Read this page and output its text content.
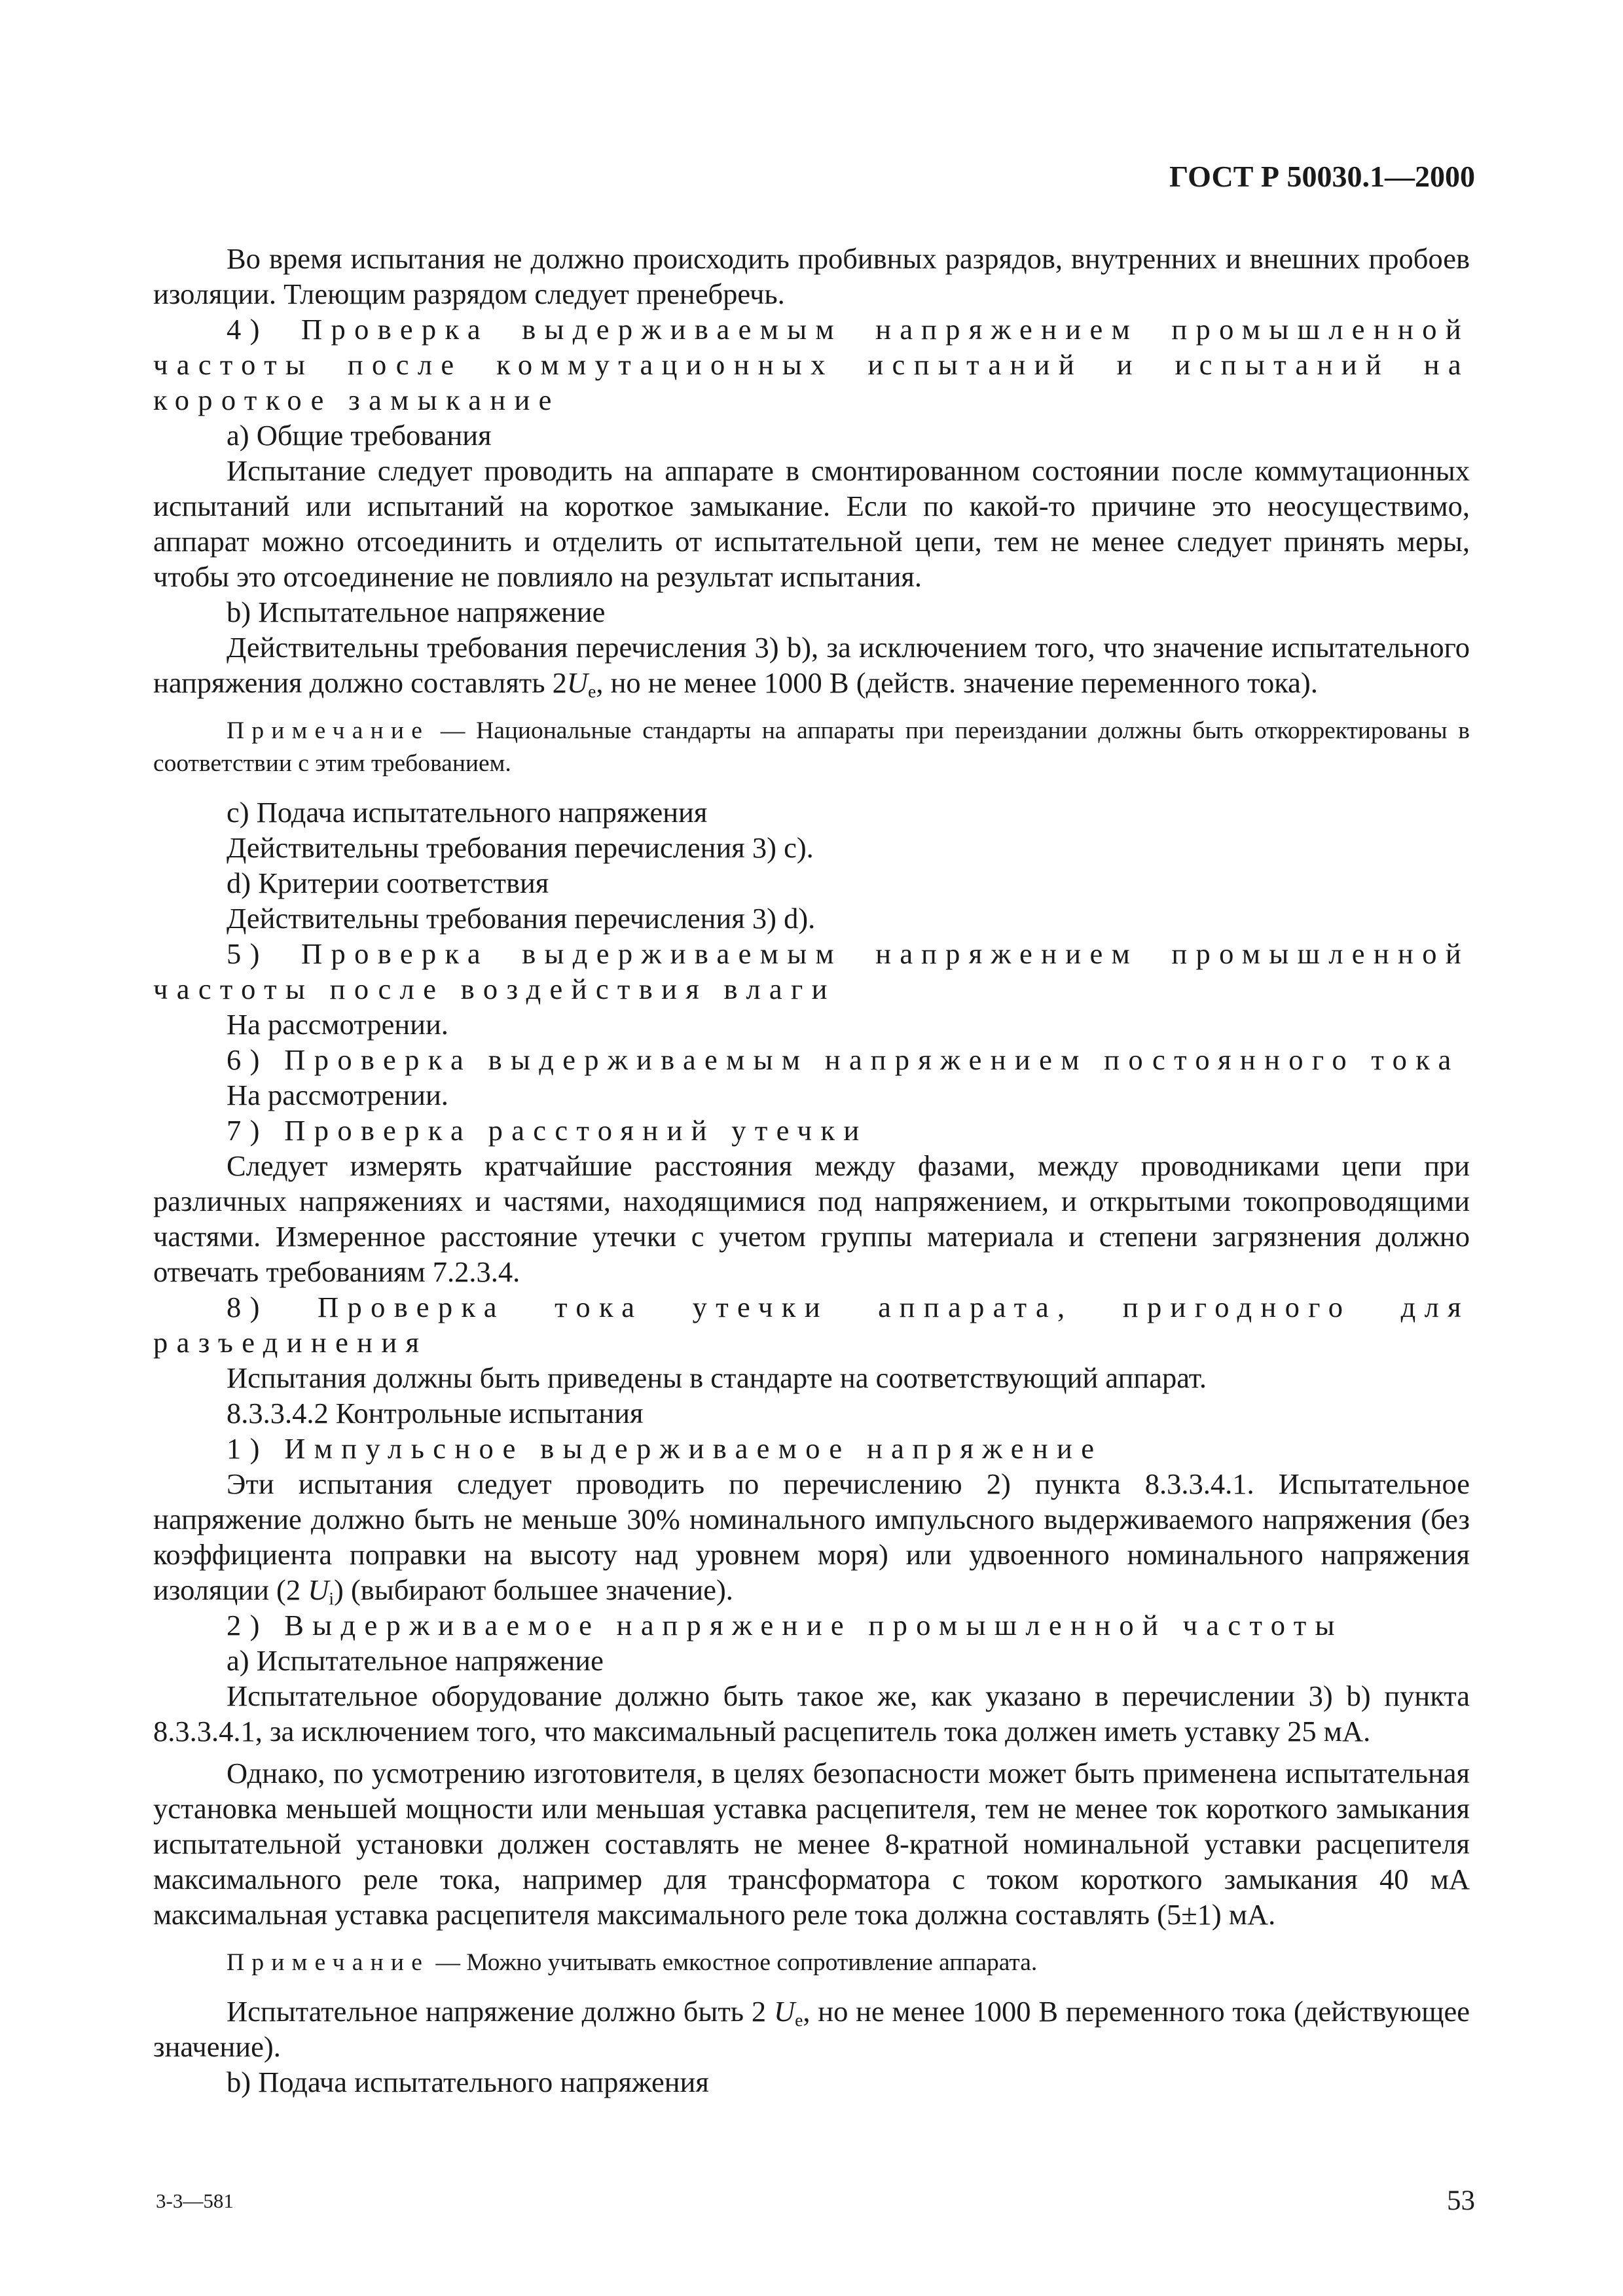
ГОСТ Р 50030.1—2000

Во время испытания не должно происходить пробивных разрядов, внутренних и внешних пробоев изоляции. Тлеющим разрядом следует пренебречь.

4) Проверка выдерживаемым напряжением промышленной частоты после коммутационных испытаний и испытаний на короткое замыкание

а) Общие требования

Испытание следует проводить на аппарате в смонтированном состоянии после коммутационных испытаний или испытаний на короткое замыкание. Если по какой-то причине это неосуществимо, аппарат можно отсоединить и отделить от испытательной цепи, тем не менее следует принять меры, чтобы это отсоединение не повлияло на результат испытания.

b) Испытательное напряжение

Действительны требования перечисления 3) b), за исключением того, что значение испытательного напряжения должно составлять $2U_e$, но не менее 1000 В (действ. значение переменного тока).

Примечание — Национальные стандарты на аппараты при переиздании должны быть откорректированы в соответствии с этим требованием.

с) Подача испытательного напряжения

Действительны требования перечисления 3) с).

d) Критерии соответствия

Действительны требования перечисления 3) d).

5) Проверка выдерживаемым напряжением промышленной частоты после воздействия влаги

На рассмотрении.

6) Проверка выдерживаемым напряжением постоянного тока

На рассмотрении.

7) Проверка расстояний утечки

Следует измерять кратчайшие расстояния между фазами, между проводниками цепи при различных напряжениях и частями, находящимися под напряжением, и открытыми токопроводящими частями. Измеренное расстояние утечки с учетом группы материала и степени загрязнения должно отвечать требованиям 7.2.3.4.

8) Проверка тока утечки аппарата, пригодного для разъединения

Испытания должны быть приведены в стандарте на соответствующий аппарат.

8.3.3.4.2 Контрольные испытания

1) Импульсное выдерживаемое напряжение

Эти испытания следует проводить по перечислению 2) пункта 8.3.3.4.1. Испытательное напряжение должно быть не меньше 30% номинального импульсного выдерживаемого напряжения (без коэффициента поправки на высоту над уровнем моря) или удвоенного номинального напряжения изоляции (2 $U_i$) (выбирают большее значение).

2) Выдерживаемое напряжение промышленной частоты

а) Испытательное напряжение

Испытательное оборудование должно быть такое же, как указано в перечислении 3) b) пункта 8.3.3.4.1, за исключением того, что максимальный расцепитель тока должен иметь уставку 25 мА.

Однако, по усмотрению изготовителя, в целях безопасности может быть применена испытательная установка меньшей мощности или меньшая уставка расцепителя, тем не менее ток короткого замыкания испытательной установки должен составлять не менее 8-кратной номинальной уставки расцепителя максимального реле тока, например для трансформатора с током короткого замыкания 40 мА максимальная уставка расцепителя максимального реле тока должна составлять (5±1) мА.

Примечание — Можно учитывать емкостное сопротивление аппарата.

Испытательное напряжение должно быть 2 $U_e$, но не менее 1000 В переменного тока (действующее значение).

b) Подача испытательного напряжения

3-3—581	53
